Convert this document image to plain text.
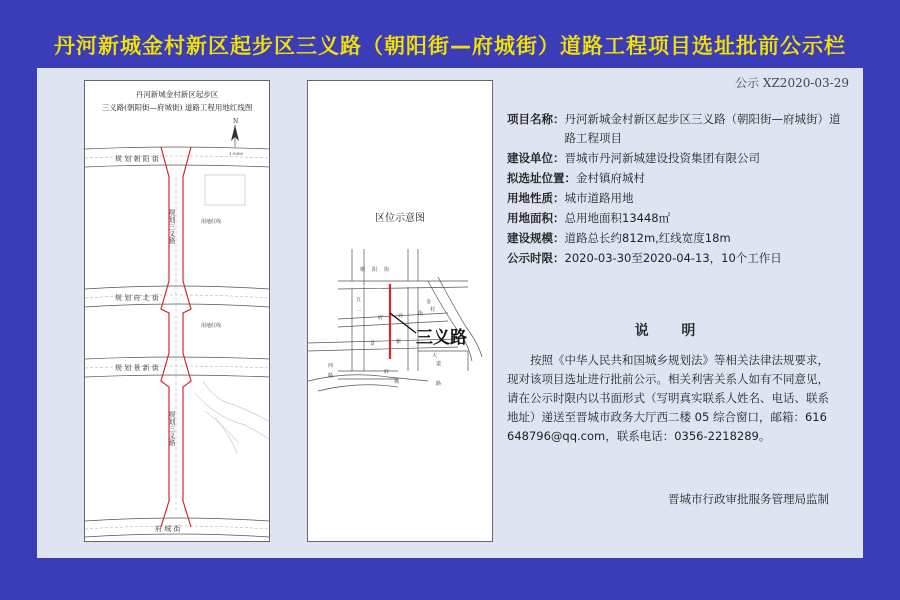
丹河新城金村新区起步区三义路（朝阳街—府城街）道路工程项目选址批前公示栏
公示 XZ2020-03-29
丹河新城金村新区起步区
三义路(朝阳街—府城街) 道路工程用地红线图
N
1:5000
规 划 朝 阳 街
规 划 府 北 街
规 划 景 新 街
府 城 街
规划三义路
规划三义路
用地红线
用地红线
区位示意图
三义路
朝 阳 街
金
村
府	北	街
景	新
大
道
府
城	路
五
一
西
路
项目名称： 丹河新城金村新区起步区三义路（朝阳街—府城街）道路工程项目
建设单位： 晋城市丹河新城建设投资集团有限公司
拟选址位置： 金村镇府城村
用地性质： 城市道路用地
用地面积： 总用地面积13448㎡
建设规模： 道路总长约812m,红线宽度18m
公示时限： 2020-03-30至2020-04-13，10个工作日
说 明
按照《中华人民共和国城乡规划法》等相关法律法规要求，现对该项目选址进行批前公示。相关利害关系人如有不同意见，请在公示时限内以书面形式（写明真实联系人姓名、电话、联系地址）递送至晋城市政务大厅西二楼 05 综合窗口，邮箱：616648796@qq.com，联系电话：0356-2218289。
晋城市行政审批服务管理局监制
